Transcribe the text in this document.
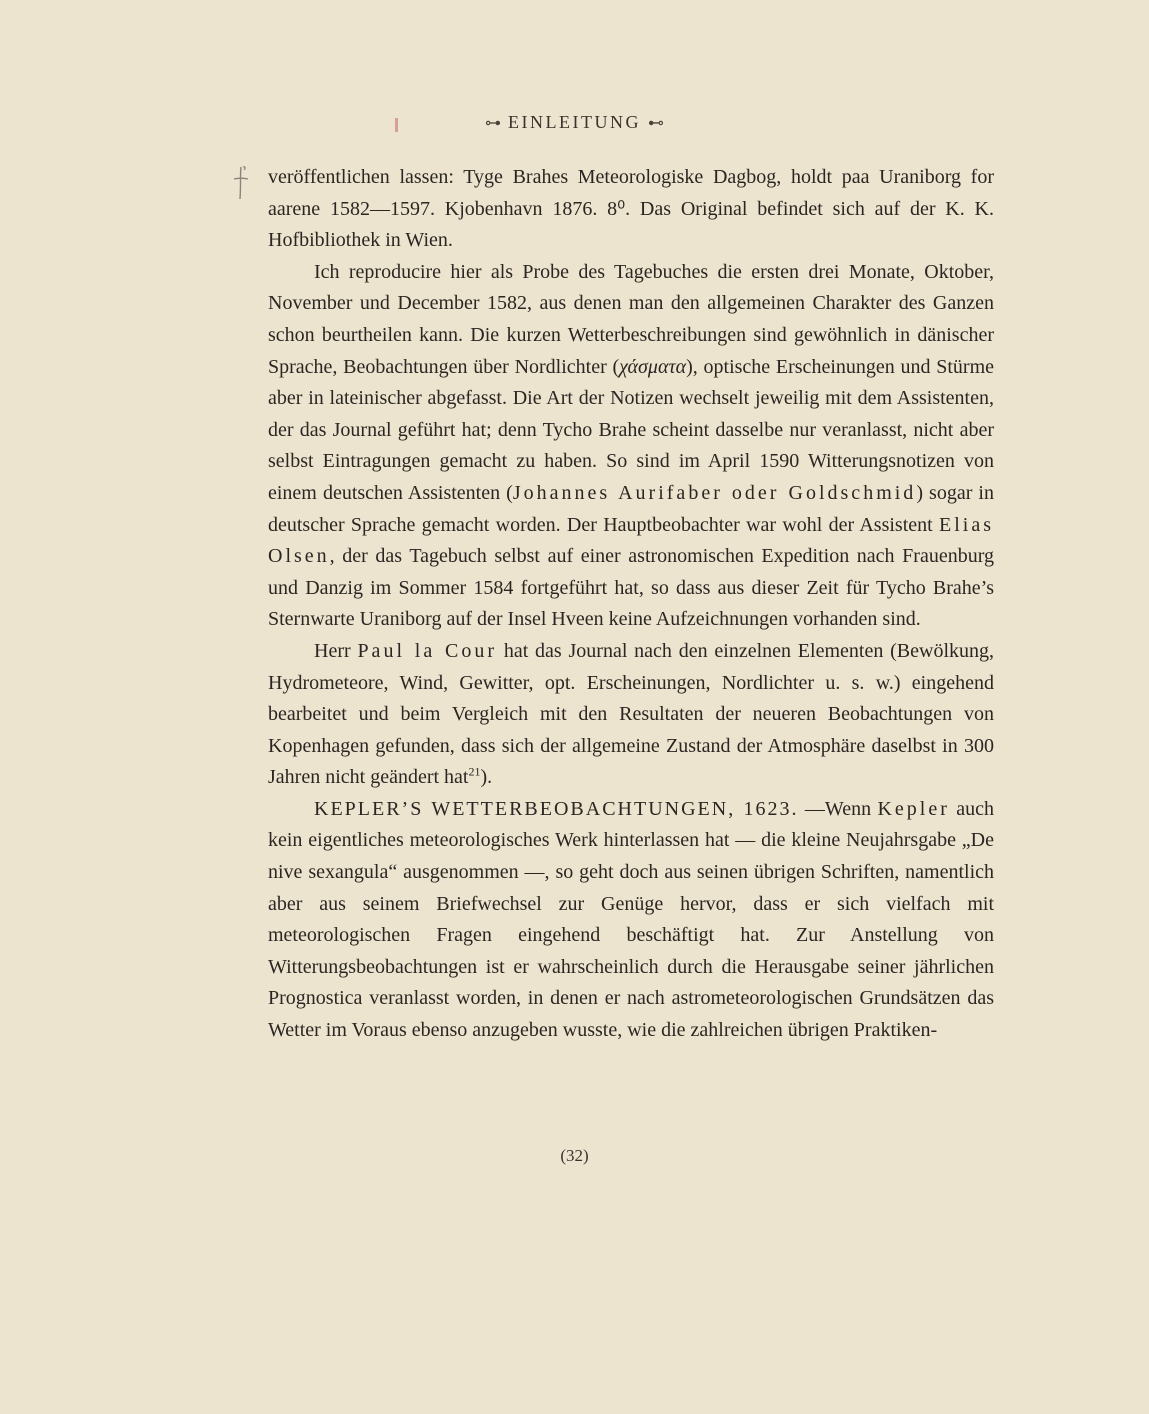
⊶ EINLEITUNG ⊷

veröffentlichen lassen: Tyge Brahes Meteorologiske Dagbog, holdt paa Uraniborg for aarene 1582—1597. Kjobenhavn 1876. 8⁰. Das Original befindet sich auf der K. K. Hofbibliothek in Wien.

Ich reproducire hier als Probe des Tagebuches die ersten drei Monate, Oktober, November und December 1582, aus denen man den allgemeinen Charakter des Ganzen schon beurtheilen kann. Die kurzen Wetterbeschreibungen sind gewöhnlich in dänischer Sprache, Beobachtungen über Nordlichter (χάσματα), optische Erscheinungen und Stürme aber in lateinischer abgefasst. Die Art der Notizen wechselt jeweilig mit dem Assistenten, der das Journal geführt hat; denn Tycho Brahe scheint dasselbe nur veranlasst, nicht aber selbst Eintragungen gemacht zu haben. So sind im April 1590 Witterungsnotizen von einem deutschen Assistenten (Johannes Aurifaber oder Goldschmid) sogar in deutscher Sprache gemacht worden. Der Hauptbeobachter war wohl der Assistent Elias Olsen, der das Tagebuch selbst auf einer astronomischen Expedition nach Frauenburg und Danzig im Sommer 1584 fortgeführt hat, so dass aus dieser Zeit für Tycho Brahe’s Sternwarte Uraniborg auf der Insel Hveen keine Aufzeichnungen vorhanden sind.

Herr Paul la Cour hat das Journal nach den einzelnen Elementen (Bewölkung, Hydrometeore, Wind, Gewitter, opt. Erscheinungen, Nordlichter u. s. w.) eingehend bearbeitet und beim Vergleich mit den Resultaten der neueren Beobachtungen von Kopenhagen gefunden, dass sich der allgemeine Zustand der Atmosphäre daselbst in 300 Jahren nicht geändert hat$^{21}$).

KEPLER’S WETTERBEOBACHTUNGEN, 1623. —Wenn Kepler auch kein eigentliches meteorologisches Werk hinterlassen hat — die kleine Neujahrsgabe „De nive sexangula“ ausgenommen —, so geht doch aus seinen übrigen Schriften, namentlich aber aus seinem Briefwechsel zur Genüge hervor, dass er sich vielfach mit meteorologischen Fragen eingehend beschäftigt hat. Zur Anstellung von Witterungsbeobachtungen ist er wahrscheinlich durch die Herausgabe seiner jährlichen Prognostica veranlasst worden, in denen er nach astrometeorologischen Grundsätzen das Wetter im Voraus ebenso anzugeben wusste, wie die zahlreichen übrigen Praktiken-

(32)
